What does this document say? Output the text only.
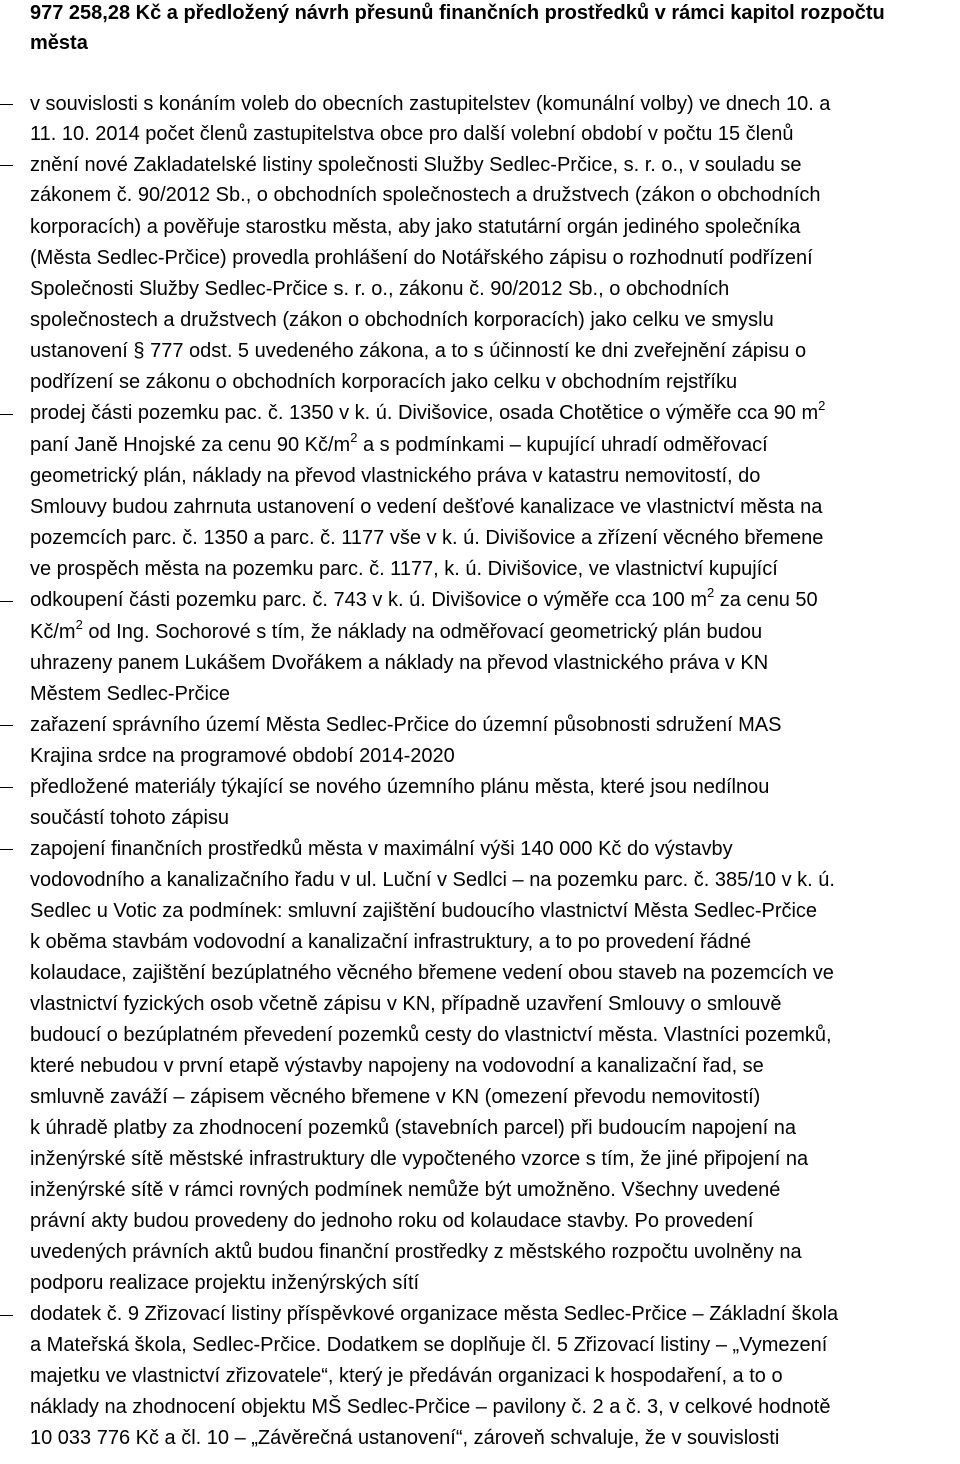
977 258,28 Kč a předložený návrh přesunů finančních prostředků v rámci kapitol rozpočtu
města
v souvislosti s konáním voleb do obecních zastupitelstev (komunální volby) ve dnech 10. a
11. 10. 2014 počet členů zastupitelstva obce pro další volební období v počtu 15 členů
znění nové Zakladatelské listiny společnosti Služby Sedlec-Prčice, s. r. o., v souladu se
zákonem č. 90/2012 Sb., o obchodních společnostech a družstvech (zákon o obchodních
korporacích) a pověřuje starostku města, aby jako statutární orgán jediného společníka
(Města Sedlec-Prčice) provedla prohlášení do Notářského zápisu o rozhodnutí podřízení
Společnosti Služby Sedlec-Prčice s. r. o., zákonu č. 90/2012 Sb., o obchodních
společnostech a družstvech (zákon o obchodních korporacích) jako celku ve smyslu
ustanovení § 777 odst. 5 uvedeného zákona, a to s účinností ke dni zveřejnění zápisu o
podřízení se zákonu o obchodních korporacích jako celku v obchodním rejstříku
prodej části pozemku pac. č. 1350 v k. ú. Divišovice, osada Chotětice o výměře cca 90 $m^2$
paní Janě Hnojské za cenu 90 $Kč/m^2$ a s podmínkami – kupující uhradí odměřovací
geometrický plán, náklady na převod vlastnického práva v katastru nemovitostí, do
Smlouvy budou zahrnuta ustanovení o vedení dešťové kanalizace ve vlastnictví města na
pozemcích parc. č. 1350 a parc. č. 1177 vše v k. ú. Divišovice a zřízení věcného břemene
ve prospěch města na pozemku parc. č. 1177, k. ú. Divišovice, ve vlastnictví kupující
odkoupení části pozemku parc. č. 743 v k. ú. Divišovice o výměře cca 100 $m^2$ za cenu 50
$Kč/m^2$ od Ing. Sochorové s tím, že náklady na odměřovací geometrický plán budou
uhrazeny panem Lukášem Dvořákem a náklady na převod vlastnického práva v KN
Městem Sedlec-Prčice
zařazení správního území Města Sedlec-Prčice do územní působnosti sdružení MAS
Krajina srdce na programové období 2014-2020
předložené materiály týkající se nového územního plánu města, které jsou nedílnou
součástí tohoto zápisu
zapojení finančních prostředků města v maximální výši 140 000 Kč do výstavby
vodovodního a kanalizačního řadu v ul. Luční v Sedlci – na pozemku parc. č. 385/10 v k. ú.
Sedlec u Votic za podmínek: smluvní zajištění budoucího vlastnictví Města Sedlec-Prčice
k oběma stavbám vodovodní a kanalizační infrastruktury, a to po provedení řádné
kolaudace, zajištění bezúplatného věcného břemene vedení obou staveb na pozemcích ve
vlastnictví fyzických osob včetně zápisu v KN, případně uzavření Smlouvy o smlouvě
budoucí o bezúplatném převedení pozemků cesty do vlastnictví města. Vlastníci pozemků,
které nebudou v první etapě výstavby napojeny na vodovodní a kanalizační řad, se
smluvně zaváží – zápisem věcného břemene v KN (omezení převodu nemovitostí)
k úhradě platby za zhodnocení pozemků (stavebních parcel) při budoucím napojení na
inženýrské sítě městské infrastruktury dle vypočteného vzorce s tím, že jiné připojení na
inženýrské sítě v rámci rovných podmínek nemůže být umožněno. Všechny uvedené
právní akty budou provedeny do jednoho roku od kolaudace stavby. Po provedení
uvedených právních aktů budou finanční prostředky z městského rozpočtu uvolněny na
podporu realizace projektu inženýrských sítí
dodatek č. 9 Zřizovací listiny příspěvkové organizace města Sedlec-Prčice – Základní škola
a Mateřská škola, Sedlec-Prčice. Dodatkem se doplňuje čl. 5 Zřizovací listiny – „Vymezení
majetku ve vlastnictví zřizovatele“, který je předáván organizaci k hospodaření, a to o
náklady na zhodnocení objektu MŠ Sedlec-Prčice – pavilony č. 2 a č. 3, v celkové hodnotě
10 033 776 Kč a čl. 10 – „Závěrečná ustanovení“, zároveň schvaluje, že v souvislosti
